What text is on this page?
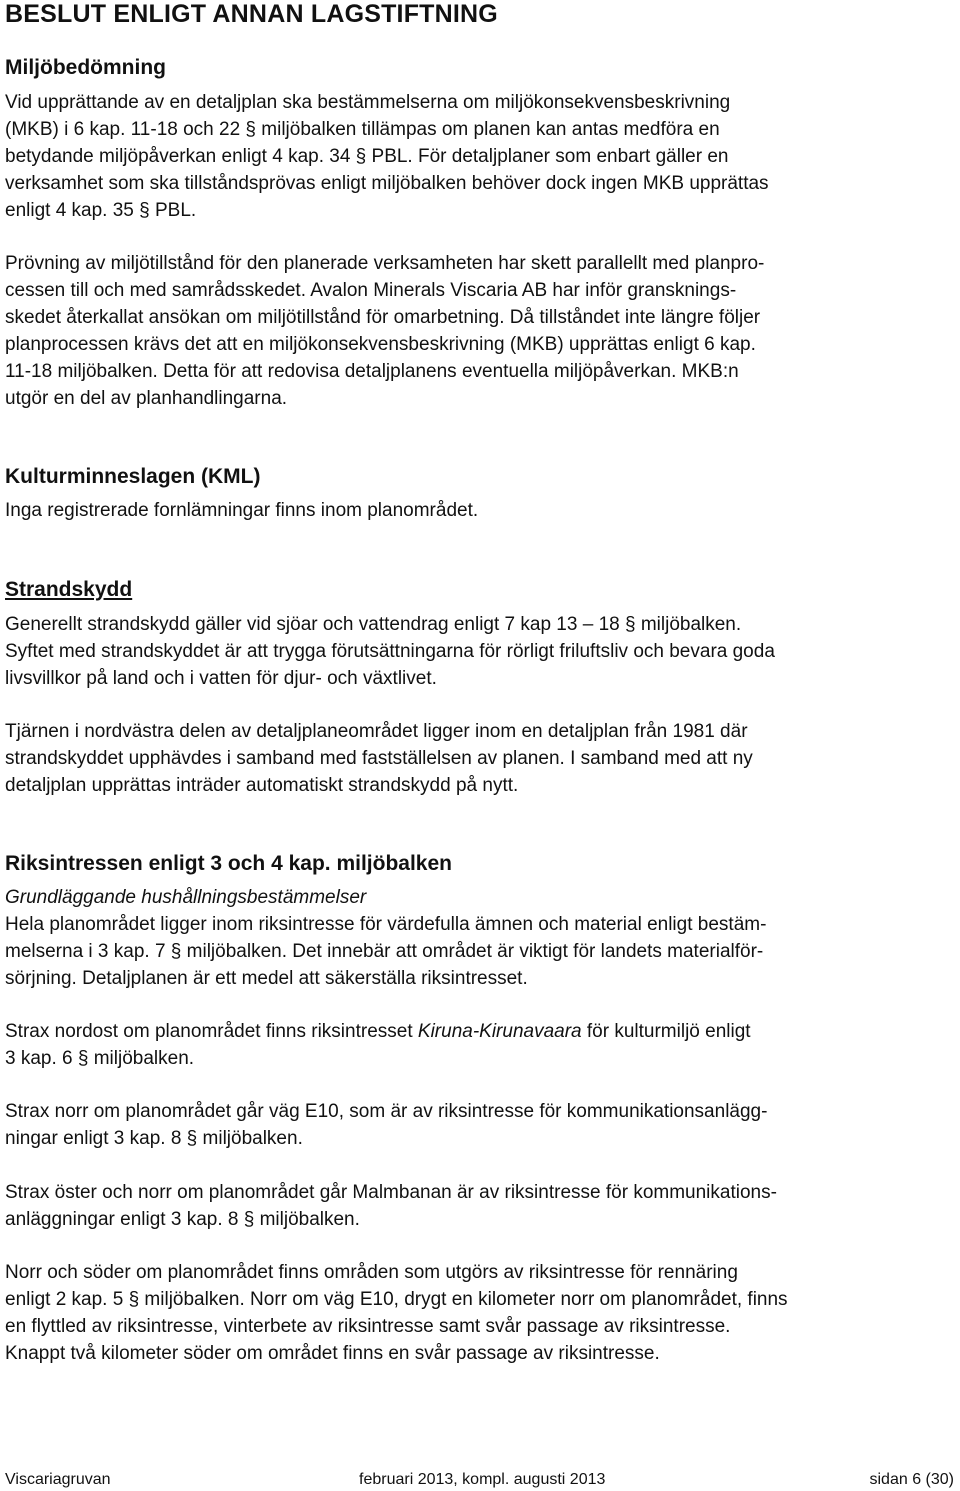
BESLUT ENLIGT ANNAN LAGSTIFTNING
Miljöbedömning

Vid upprättande av en detaljplan ska bestämmelserna om miljökonsekvensbeskrivning
(MKB) i 6 kap. 11-18 och 22 § miljöbalken tillämpas om planen kan antas medföra en
betydande miljöpåverkan enligt 4 kap. 34 § PBL. För detaljplaner som enbart gäller en
verksamhet som ska tillståndsprövas enligt miljöbalken behöver dock ingen MKB upprättas
enligt 4 kap. 35 § PBL.

Prövning av miljötillstånd för den planerade verksamheten har skett parallellt med planpro-
cessen till och med samrådsskedet. Avalon Minerals Viscaria AB har inför gransknings-
skedet återkallat ansökan om miljötillstånd för omarbetning. Då tillståndet inte längre följer
planprocessen krävs det att en miljökonsekvensbeskrivning (MKB) upprättas enligt 6 kap.
11-18 miljöbalken. Detta för att redovisa detaljplanens eventuella miljöpåverkan. MKB:n
utgör en del av planhandlingarna.

Kulturminneslagen (KML)

Inga registrerade fornlämningar finns inom planområdet.

Strandskydd

Generellt strandskydd gäller vid sjöar och vattendrag enligt 7 kap 13 – 18 § miljöbalken.
Syftet med strandskyddet är att trygga förutsättningarna för rörligt friluftsliv och bevara goda
livsvillkor på land och i vatten för djur- och växtlivet.

Tjärnen i nordvästra delen av detaljplaneområdet ligger inom en detaljplan från 1981 där
strandskyddet upphävdes i samband med fastställelsen av planen. I samband med att ny
detaljplan upprättas inträder automatiskt strandskydd på nytt.

Riksintressen enligt 3 och 4 kap. miljöbalken

Grundläggande hushållningsbestämmelser

Hela planområdet ligger inom riksintresse för värdefulla ämnen och material enligt bestäm-
melserna i 3 kap. 7 § miljöbalken. Det innebär att området är viktigt för landets materialför-
sörjning. Detaljplanen är ett medel att säkerställa riksintresset.

Strax nordost om planområdet finns riksintresset Kiruna-Kirunavaara för kulturmiljö enligt
3 kap. 6 § miljöbalken.

Strax norr om planområdet går väg E10, som är av riksintresse för kommunikationsanlägg-
ningar enligt 3 kap. 8 § miljöbalken.

Strax öster och norr om planområdet går Malmbanan är av riksintresse för kommunikations-
anläggningar enligt 3 kap. 8 § miljöbalken.

Norr och söder om planområdet finns områden som utgörs av riksintresse för rennäring
enligt 2 kap. 5 § miljöbalken. Norr om väg E10, drygt en kilometer norr om planområdet, finns
en flyttled av riksintresse, vinterbete av riksintresse samt svår passage av riksintresse.
Knappt två kilometer söder om området finns en svår passage av riksintresse.

Viscariagruvan	februari 2013, kompl. augusti 2013	sidan 6 (30)
